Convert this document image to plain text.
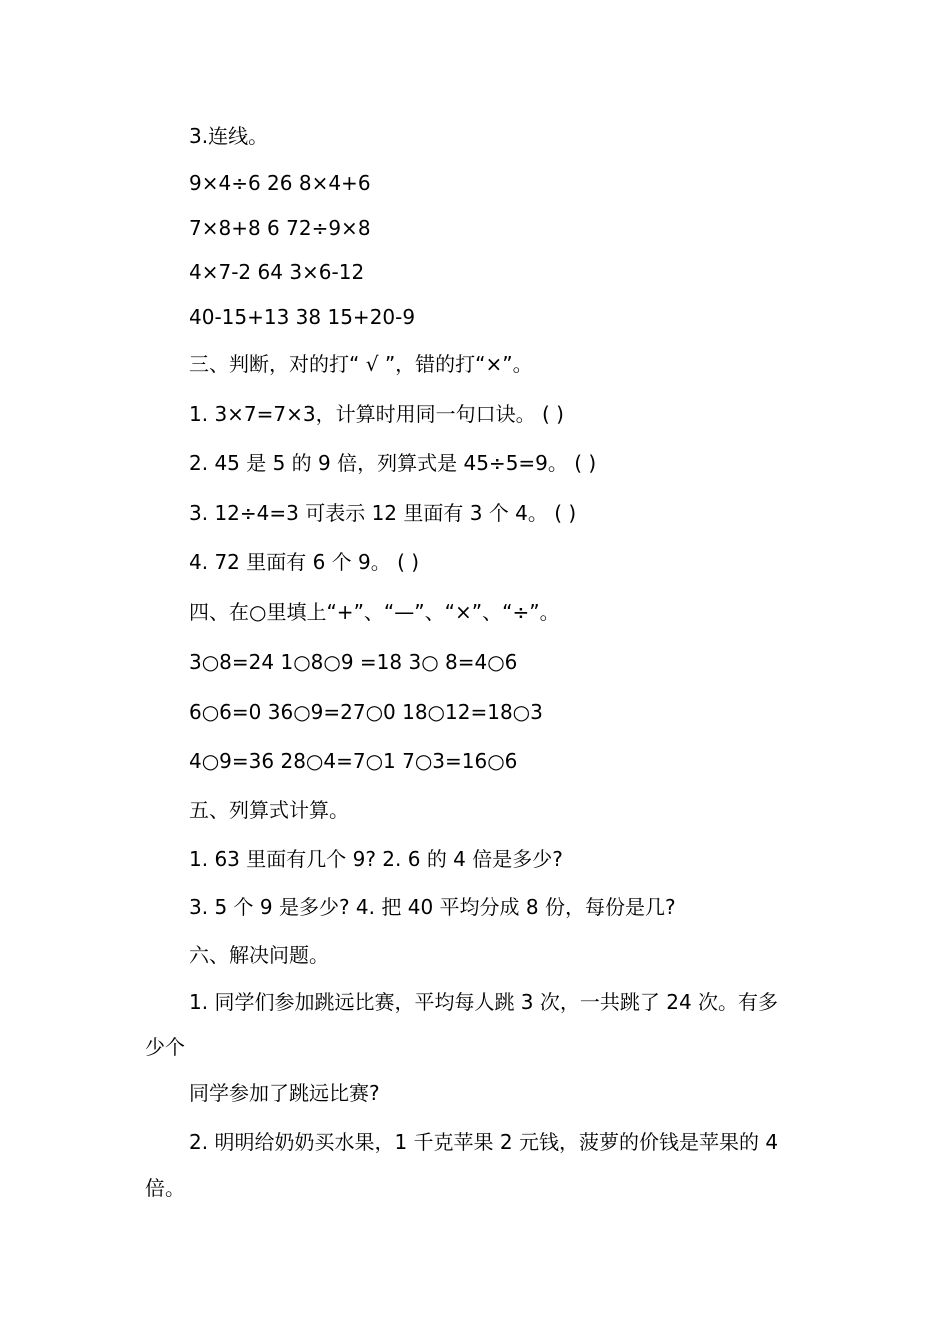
3.连线。
9×4÷6 26 8×4+6
7×8+8 6 72÷9×8
4×7-2 64 3×6-12
40-15+13 38 15+20-9
三、判断，对的打“ √ ”，错的打“×”。
1. 3×7=7×3，计算时用同一句口诀。 ( )
2. 45 是 5 的 9 倍，列算式是 45÷5=9。 ( )
3. 12÷4=3 可表示 12 里面有 3 个 4。 ( )
4. 72 里面有 6 个 9。 ( )
四、在○里填上“+”、“—”、“×”、“÷”。
3○8=24 1○8○9 =18 3○ 8=4○6
6○6=0 36○9=27○0 18○12=18○3
4○9=36 28○4=7○1 7○3=16○6
五、列算式计算。
1. 63 里面有几个 9? 2. 6 的 4 倍是多少?
3. 5 个 9 是多少? 4. 把 40 平均分成 8 份，每份是几?
六、解决问题。
1. 同学们参加跳远比赛，平均每人跳 3 次，一共跳了 24 次。有多
少个
同学参加了跳远比赛?
2. 明明给奶奶买水果，1 千克苹果 2 元钱，菠萝的价钱是苹果的 4
倍。
